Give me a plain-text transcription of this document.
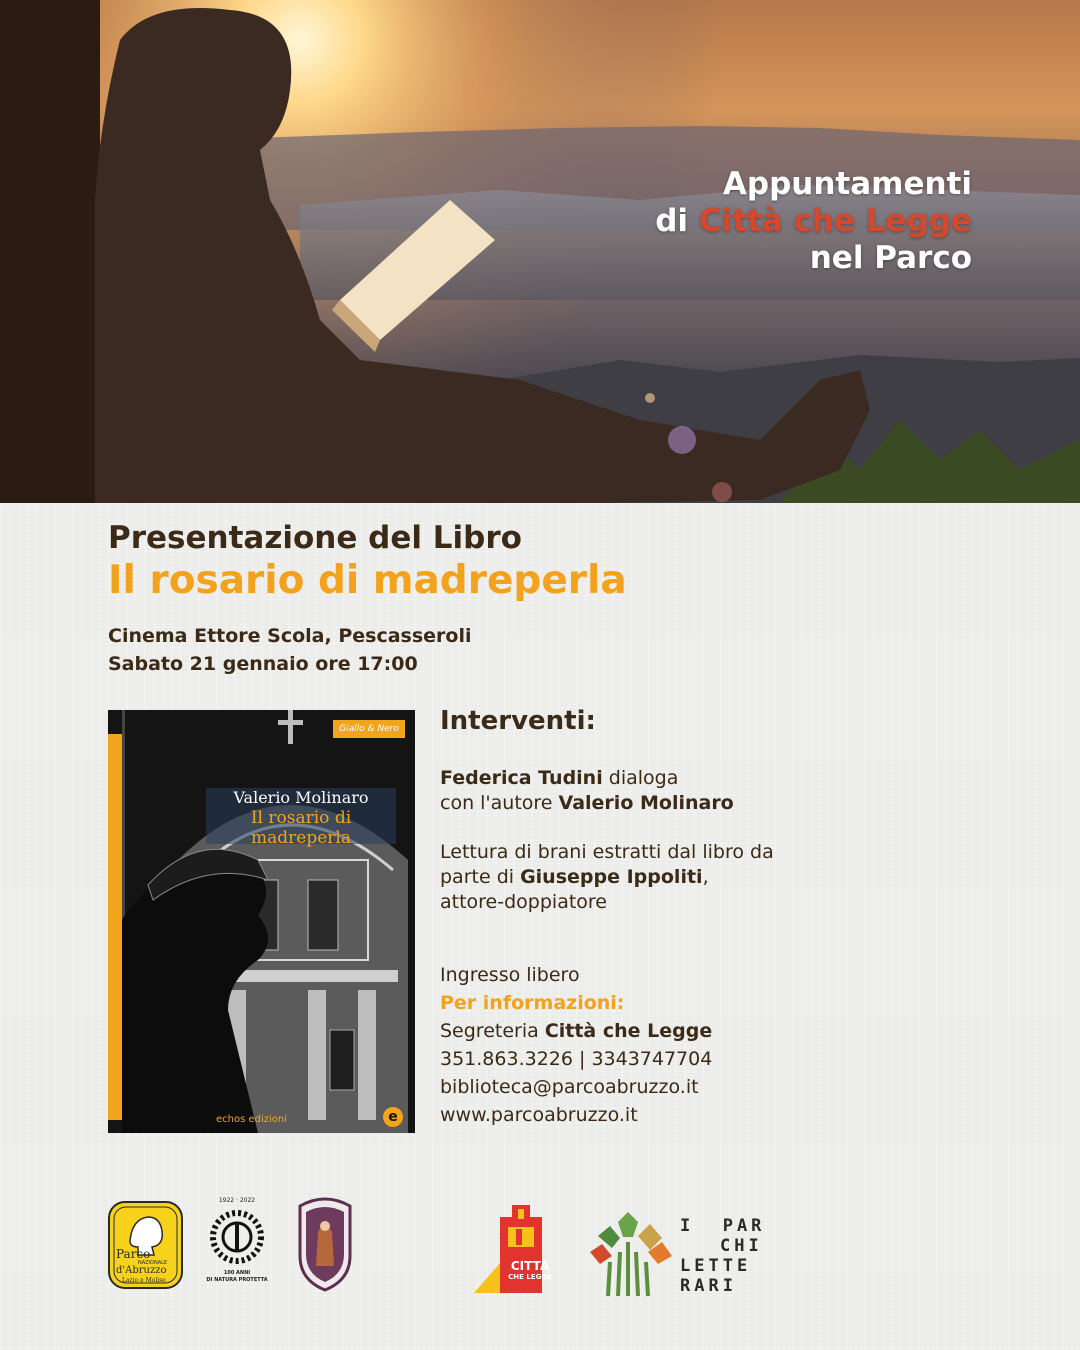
Appuntamenti
di Città che Legge
nel Parco
Presentazione del Libro
Il rosario di madreperla
Cinema Ettore Scola, Pescasseroli
Sabato 21 gennaio ore 17:00
Giallo & Nero
Valerio Molinaro
Il rosario di madreperla
echos edizioni	e
Interventi:

Federica Tudini dialoga

con l'autore Valerio Molinaro

Lettura di brani estratti dal libro da

parte di Giuseppe Ippoliti,

attore-doppiatore

Ingresso libero

Per informazioni:

Segreteria Città che Legge

351.863.3226 | 3343747704

biblioteca@parcoabruzzo.it

www.parcoabruzzo.it

Parco
NAZIONALE
d'Abruzzo
Lazio e Molise
1922 · 2022
100 ANNI
DI NATURA PROTETTA
CITTÀ
CHE LEGGE
I  PAR
CHI
LETTE
RARI
